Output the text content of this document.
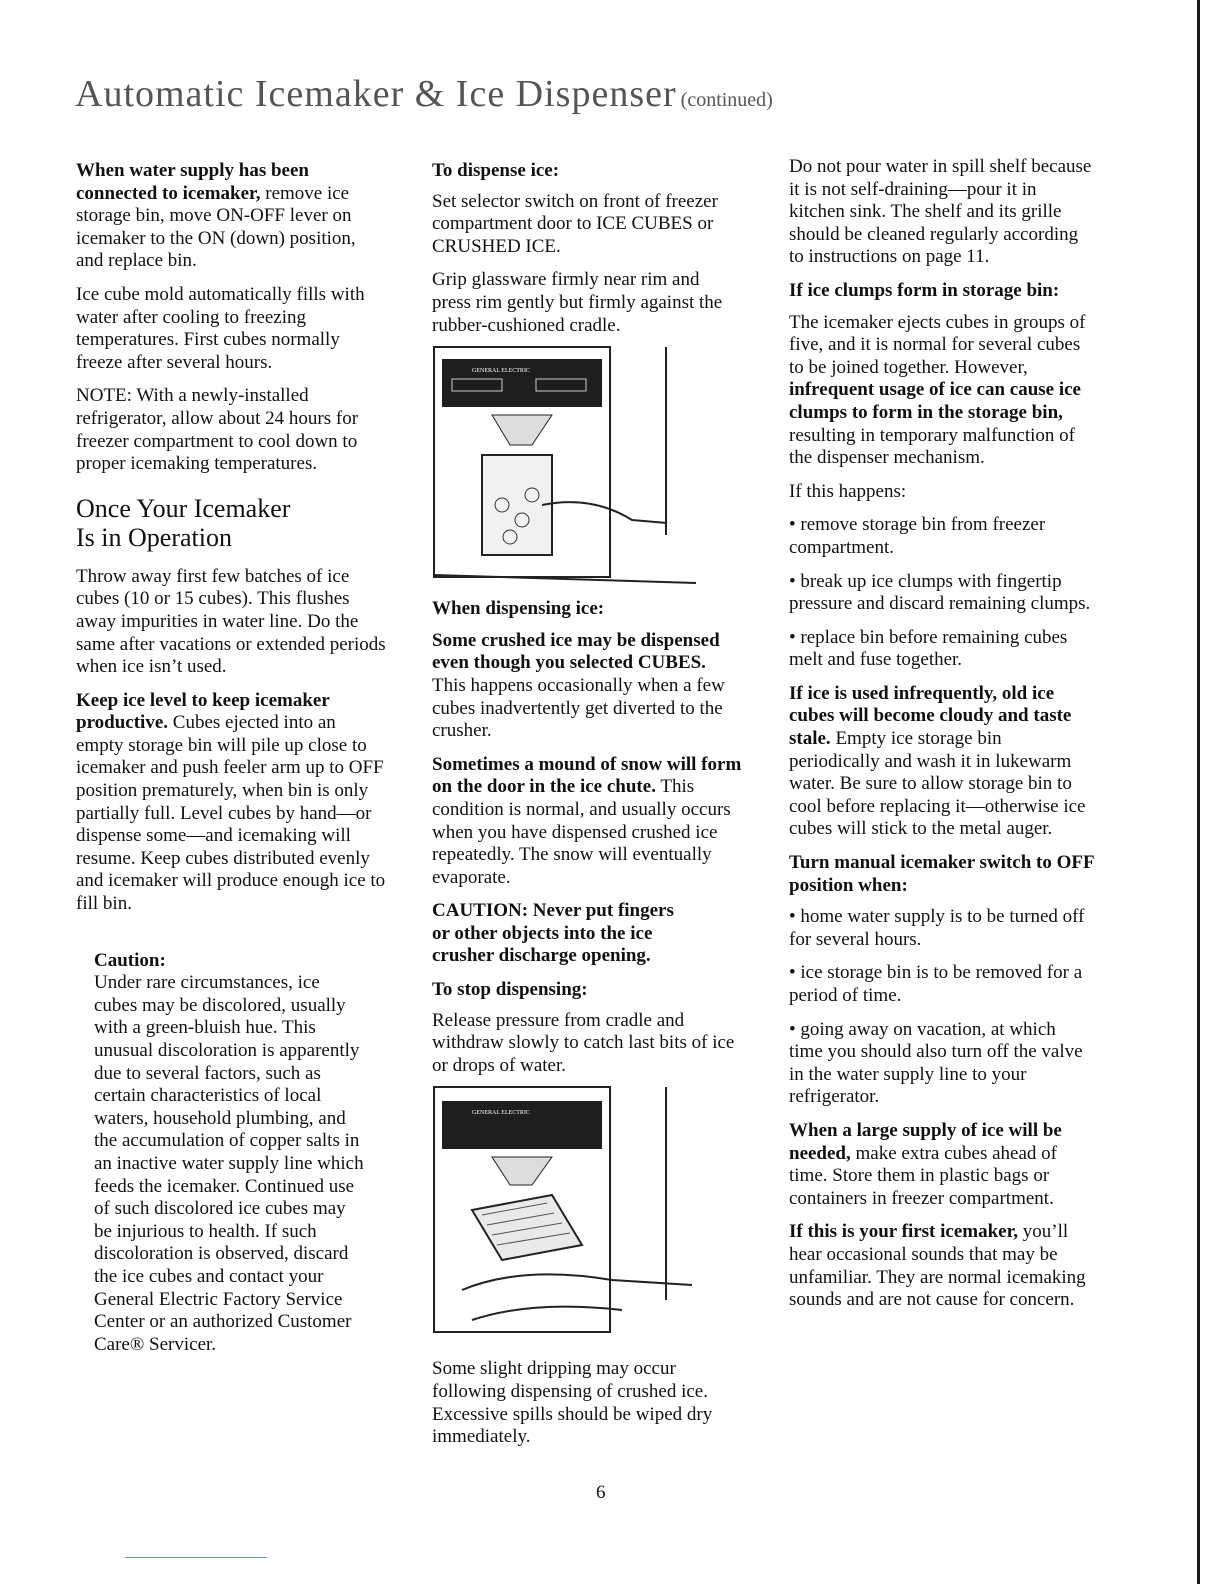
Automatic Icemaker & Ice Dispenser (continued)

When water supply has been connected to icemaker, remove ice storage bin, move ON-OFF lever on icemaker to the ON (down) position, and replace bin.

Ice cube mold automatically fills with water after cooling to freezing temperatures. First cubes normally freeze after several hours.

NOTE: With a newly-installed refrigerator, allow about 24 hours for freezer compartment to cool down to proper icemaking temperatures.

Once Your Icemaker
Is in Operation

Throw away first few batches of ice cubes (10 or 15 cubes). This flushes away impurities in water line. Do the same after vacations or extended periods when ice isn’t used.

Keep ice level to keep icemaker productive. Cubes ejected into an empty storage bin will pile up close to icemaker and push feeler arm up to OFF position prematurely, when bin is only partially full. Level cubes by hand—or dispense some—and icemaking will resume. Keep cubes distributed evenly and icemaker will produce enough ice to fill bin.

Caution:
Under rare circumstances, ice cubes may be discolored, usually with a green-bluish hue. This unusual discoloration is apparently due to several factors, such as certain characteristics of local waters, household plumbing, and the accumulation of copper salts in an inactive water supply line which feeds the icemaker. Continued use of such discolored ice cubes may be injurious to health. If such discoloration is observed, discard the ice cubes and contact your General Electric Factory Service Center or an authorized Customer Care® Servicer.
To dispense ice:

Set selector switch on front of freezer compartment door to ICE CUBES or CRUSHED ICE.

Grip glassware firmly near rim and press rim gently but firmly against the rubber-cushioned cradle.

GENERAL ELECTRIC
When dispensing ice:

Some crushed ice may be dispensed even though you selected CUBES. This happens occasionally when a few cubes inadvertently get diverted to the crusher.

Sometimes a mound of snow will form on the door in the ice chute. This condition is normal, and usually occurs when you have dispensed crushed ice repeatedly. The snow will eventually evaporate.

CAUTION: Never put fingers or other objects into the ice crusher discharge opening.

To stop dispensing:

Release pressure from cradle and withdraw slowly to catch last bits of ice or drops of water.

GENERAL ELECTRIC

Some slight dripping may occur following dispensing of crushed ice. Excessive spills should be wiped dry immediately.

Do not pour water in spill shelf because it is not self-draining—pour it in kitchen sink. The shelf and its grille should be cleaned regularly according to instructions on page 11.

If ice clumps form in storage bin:

The icemaker ejects cubes in groups of five, and it is normal for several cubes to be joined together. However, infrequent usage of ice can cause ice clumps to form in the storage bin, resulting in temporary malfunction of the dispenser mechanism.

If this happens:

• remove storage bin from freezer compartment.

• break up ice clumps with fingertip pressure and discard remaining clumps.

• replace bin before remaining cubes melt and fuse together.

If ice is used infrequently, old ice cubes will become cloudy and taste stale. Empty ice storage bin periodically and wash it in lukewarm water. Be sure to allow storage bin to cool before replacing it—otherwise ice cubes will stick to the metal auger.

Turn manual icemaker switch to OFF position when:

• home water supply is to be turned off for several hours.

• ice storage bin is to be removed for a period of time.

• going away on vacation, at which time you should also turn off the valve in the water supply line to your refrigerator.

When a large supply of ice will be needed, make extra cubes ahead of time. Store them in plastic bags or containers in freezer compartment.

If this is your first icemaker, you’ll hear occasional sounds that may be unfamiliar. They are normal icemaking sounds and are not cause for concern.

6
